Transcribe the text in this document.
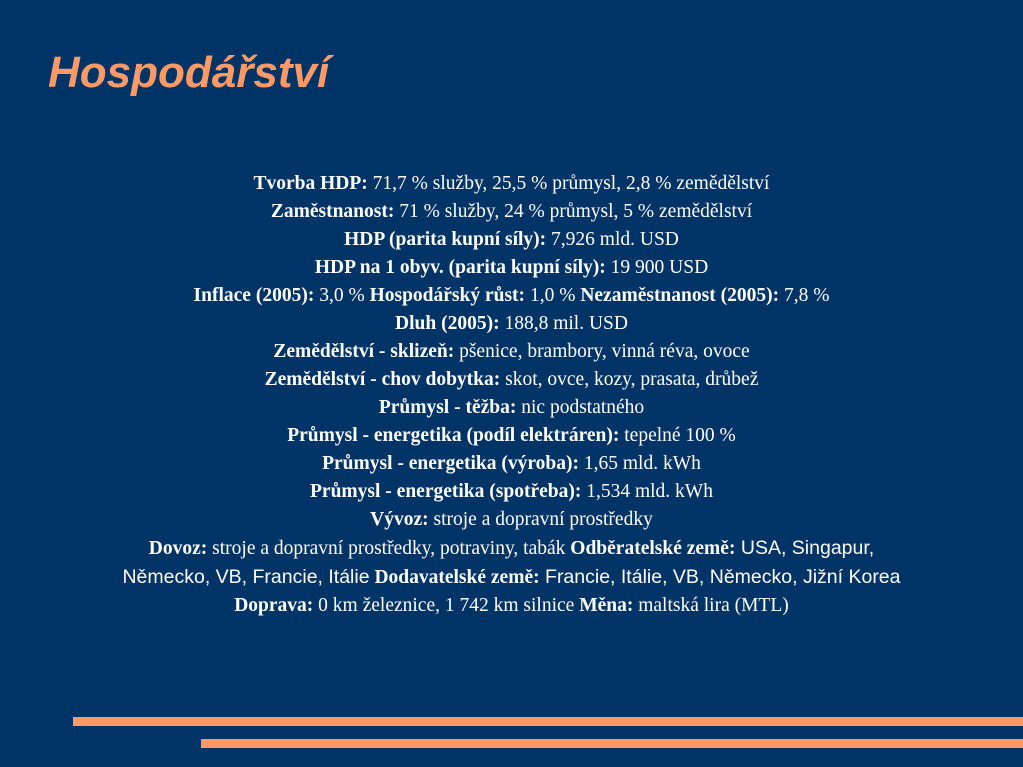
Hospodářství
Tvorba HDP: 71,7 % služby, 25,5 % průmysl, 2,8 % zemědělství
Zaměstnanost: 71 % služby, 24 % průmysl, 5 % zemědělství
HDP (parita kupní síly): 7,926 mld. USD
HDP na 1 obyv. (parita kupní síly): 19 900 USD
Inflace (2005): 3,0 % Hospodářský růst: 1,0 % Nezaměstnanost (2005): 7,8 %
Dluh (2005): 188,8 mil. USD
Zemědělství - sklizeň: pšenice, brambory, vinná réva, ovoce
Zemědělství - chov dobytka: skot, ovce, kozy, prasata, drůbež
Průmysl - těžba: nic podstatného
Průmysl - energetika (podíl elektráren): tepelné 100 %
Průmysl - energetika (výroba): 1,65 mld. kWh
Průmysl - energetika (spotřeba): 1,534 mld. kWh
Vývoz: stroje a dopravní prostředky
Dovoz: stroje a dopravní prostředky, potraviny, tabák Odběratelské země: USA, Singapur,
Německo, VB, Francie, Itálie Dodavatelské země: Francie, Itálie, VB, Německo, Jižní Korea
Doprava: 0 km železnice, 1 742 km silnice Měna: maltská lira (MTL)
